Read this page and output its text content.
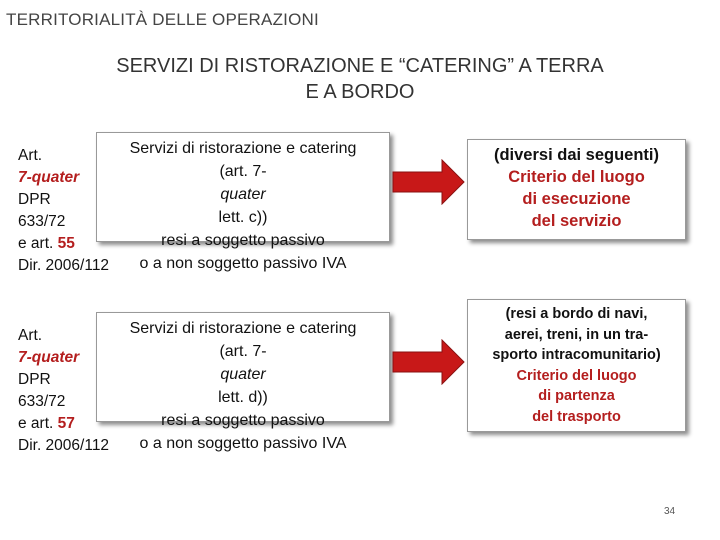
TERRITORIALITÀ DELLE OPERAZIONI
SERVIZI DI RISTORAZIONE E “CATERING” A TERRA
E A BORDO
Art.
7-quater
DPR
633/72
e art. 55
Dir. 2006/112
Servizi di ristorazione e catering
(art. 7-
quater
lett. c))
resi a soggetto passivo
o a non soggetto passivo IVA
(diversi dai seguenti)
Criterio del luogo
di esecuzione
del servizio
Art.
7-quater
DPR
633/72
e art. 57
Dir. 2006/112
Servizi di ristorazione e catering
(art. 7-
quater
lett. d))
resi a soggetto passivo
o a non soggetto passivo IVA
(resi a bordo di navi,
aerei, treni, in un tra-
sporto intracomunitario)
Criterio del luogo
di partenza
del trasporto
34
